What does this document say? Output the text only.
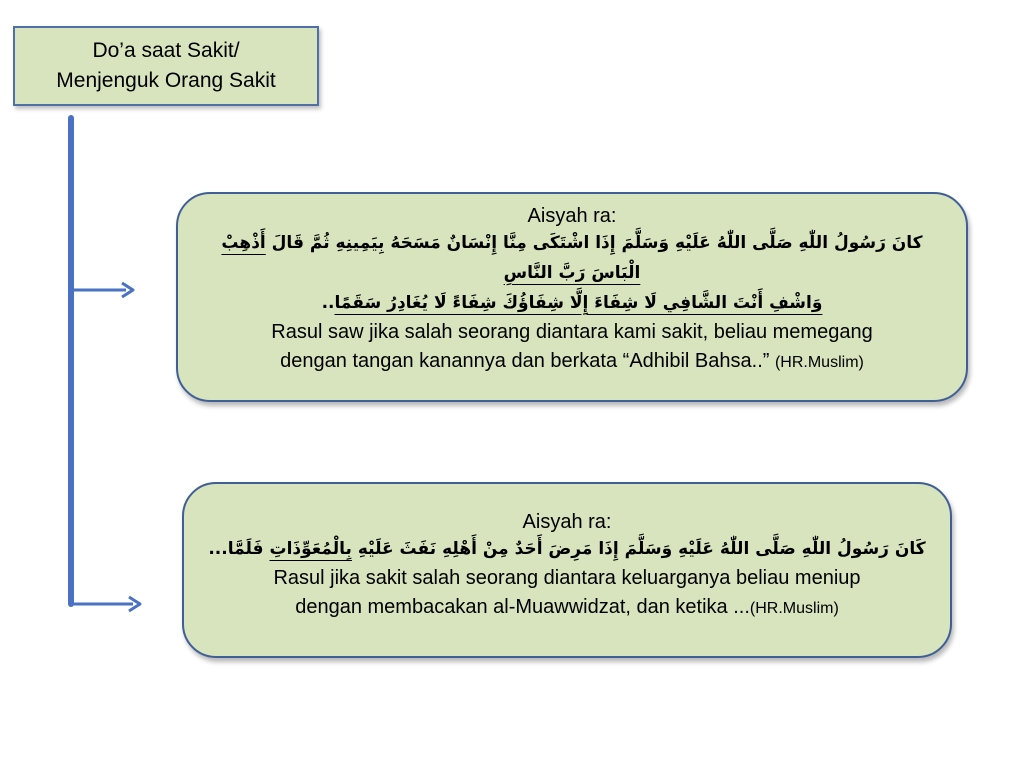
Do’a saat Sakit/
Menjenguk Orang Sakit
Aisyah ra:
كانَ رَسُولُ اللّٰهِ صَلَّى اللّٰهُ عَلَيْهِ وَسَلَّمَ إِذَا اشْتَكَى مِنَّا إِنْسَانٌ مَسَحَهُ بِيَمِينِهِ ثُمَّ قَالَ أَذْهِبْ الْبَاسَ رَبَّ النَّاسِ
وَاشْفِ أَنْتَ الشَّافِي لَا شِفَاءَ إِلَّا شِفَاؤُكَ شِفَاءً لَا يُغَادِرُ سَقَمًا..
Rasul saw jika salah seorang diantara kami sakit, beliau memegang
dengan tangan kanannya dan berkata “Adhibil Bahsa..” (HR.Muslim)
Aisyah ra:
كَانَ رَسُولُ اللّٰهِ صَلَّى اللّٰهُ عَلَيْهِ وَسَلَّمَ إِذَا مَرِضَ أَحَدٌ مِنْ أَهْلِهِ نَفَثَ عَلَيْهِ بِالْمُعَوِّذَاتِ فَلَمَّا...
Rasul jika sakit salah seorang diantara keluarganya beliau meniup
dengan membacakan al-Muawwidzat, dan ketika ...(HR.Muslim)
